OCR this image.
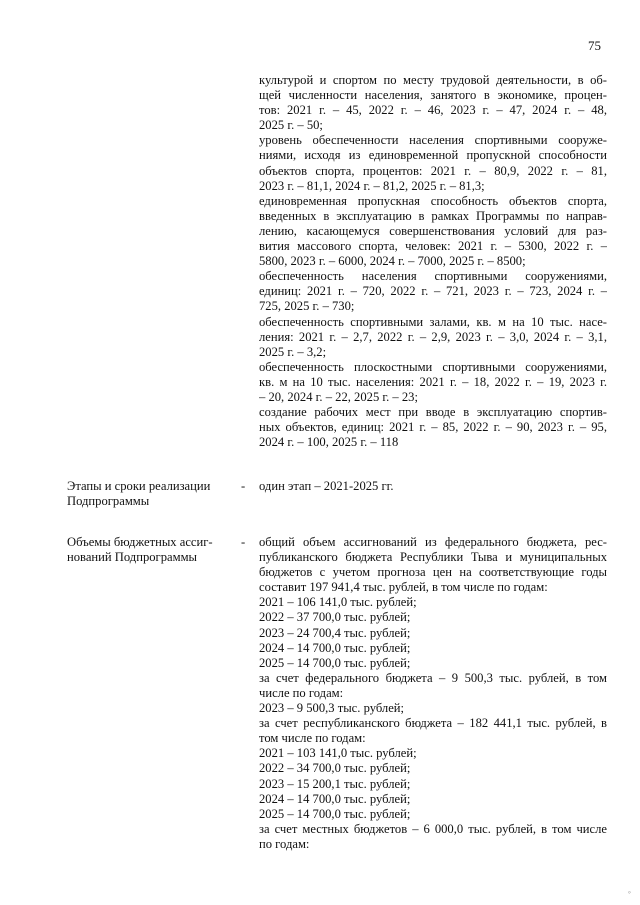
75
культурой и спортом по месту трудовой деятельности, в об-
щей численности населения, занятого в экономике, процен-
тов: 2021 г. – 45, 2022 г. – 46, 2023 г. – 47, 2024 г. – 48,
2025 г. – 50;
уровень обеспеченности населения спортивными сооруже-
ниями, исходя из единовременной пропускной способности
объектов спорта, процентов: 2021 г. – 80,9, 2022 г. – 81,
2023 г. – 81,1, 2024 г. – 81,2, 2025 г. – 81,3;
единовременная пропускная способность объектов спорта,
введенных в эксплуатацию в рамках Программы по направ-
лению, касающемуся совершенствования условий для раз-
вития массового спорта, человек: 2021 г. – 5300, 2022 г. –
5800, 2023 г. – 6000, 2024 г. – 7000, 2025 г. – 8500;
обеспеченность населения спортивными сооружениями,
единиц: 2021 г. – 720, 2022 г. – 721, 2023 г. – 723, 2024 г. –
725, 2025 г. – 730;
обеспеченность спортивными залами, кв. м на 10 тыс. насе-
ления: 2021 г. – 2,7, 2022 г. – 2,9, 2023 г. – 3,0, 2024 г. – 3,1,
2025 г. – 3,2;
обеспеченность плоскостными спортивными сооружениями,
кв. м на 10 тыс. населения: 2021 г. – 18, 2022 г. – 19, 2023 г.
– 20, 2024 г. – 22, 2025 г. – 23;
создание рабочих мест при вводе в эксплуатацию спортив-
ных объектов, единиц: 2021 г. – 85, 2022 г. – 90, 2023 г. – 95,
2024 г. – 100, 2025 г. – 118
Этапы и сроки реализации
Подпрограммы
- один этап – 2021-2025 гг.
Объемы бюджетных ассиг-
нований Подпрограммы
- общий объем ассигнований из федерального бюджета, рес-
публиканского бюджета Республики Тыва и муниципальных
бюджетов с учетом прогноза цен на соответствующие годы
составит 197 941,4 тыс. рублей, в том числе по годам:
2021 – 106 141,0 тыс. рублей;
2022 – 37 700,0 тыс. рублей;
2023 – 24 700,4 тыс. рублей;
2024 – 14 700,0 тыс. рублей;
2025 – 14 700,0 тыс. рублей;
за счет федерального бюджета – 9 500,3 тыс. рублей, в том
числе по годам:
2023 – 9 500,3 тыс. рублей;
за счет республиканского бюджета – 182 441,1 тыс. рублей, в
том числе по годам:
2021 – 103 141,0 тыс. рублей;
2022 – 34 700,0 тыс. рублей;
2023 – 15 200,1 тыс. рублей;
2024 – 14 700,0 тыс. рублей;
2025 – 14 700,0 тыс. рублей;
за счет местных бюджетов – 6 000,0 тыс. рублей, в том числе
по годам:
◦
